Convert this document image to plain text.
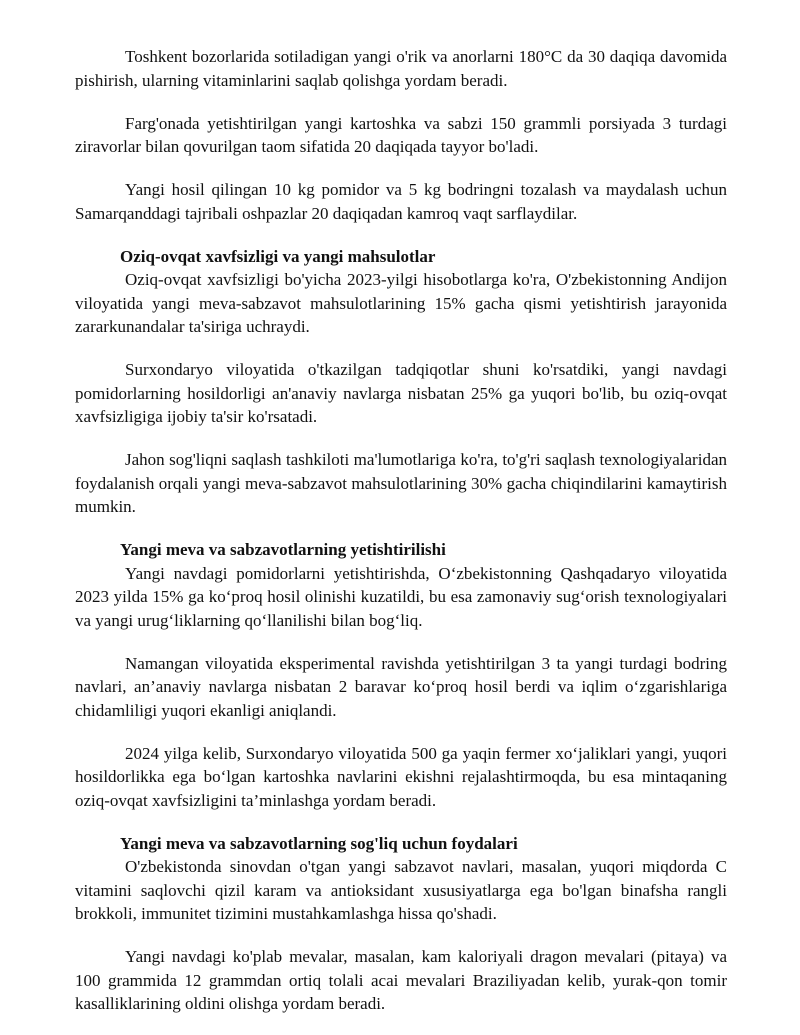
Toshkent bozorlarida sotiladigan yangi o'rik va anorlarni 180°C da 30 daqiqa davomida pishirish, ularning vitaminlarini saqlab qolishga yordam beradi.

Farg'onada yetishtirilgan yangi kartoshka va sabzi 150 grammli porsiyada 3 turdagi ziravorlar bilan qovurilgan taom sifatida 20 daqiqada tayyor bo'ladi.

Yangi hosil qilingan 10 kg pomidor va 5 kg bodringni tozalash va maydalash uchun Samarqanddagi tajribali oshpazlar 20 daqiqadan kamroq vaqt sarflaydilar.

Oziq-ovqat xavfsizligi va yangi mahsulotlar

Oziq-ovqat xavfsizligi bo'yicha 2023-yilgi hisobotlarga ko'ra, O'zbekistonning Andijon viloyatida yangi meva-sabzavot mahsulotlarining 15% gacha qismi yetishtirish jarayonida zararkunandalar ta'siriga uchraydi.

Surxondaryo viloyatida o'tkazilgan tadqiqotlar shuni ko'rsatdiki, yangi navdagi pomidorlarning hosildorligi an'anaviy navlarga nisbatan 25% ga yuqori bo'lib, bu oziq-ovqat xavfsizligiga ijobiy ta'sir ko'rsatadi.

Jahon sog'liqni saqlash tashkiloti ma'lumotlariga ko'ra, to'g'ri saqlash texnologiyalaridan foydalanish orqali yangi meva-sabzavot mahsulotlarining 30% gacha chiqindilarini kamaytirish mumkin.

Yangi meva va sabzavotlarning yetishtirilishi

Yangi navdagi pomidorlarni yetishtirishda, O‘zbekistonning Qashqadaryo viloyatida 2023 yilda 15% ga ko‘proq hosil olinishi kuzatildi, bu esa zamonaviy sug‘orish texnologiyalari va yangi urug‘liklarning qo‘llanilishi bilan bog‘liq.

Namangan viloyatida eksperimental ravishda yetishtirilgan 3 ta yangi turdagi bodring navlari, an’anaviy navlarga nisbatan 2 baravar ko‘proq hosil berdi va iqlim o‘zgarishlariga chidamliligi yuqori ekanligi aniqlandi.

2024 yilga kelib, Surxondaryo viloyatida 500 ga yaqin fermer xo‘jaliklari yangi, yuqori hosildorlikka ega bo‘lgan kartoshka navlarini ekishni rejalashtirmoqda, bu esa mintaqaning oziq-ovqat xavfsizligini ta’minlashga yordam beradi.

Yangi meva va sabzavotlarning sog'liq uchun foydalari

O'zbekistonda sinovdan o'tgan yangi sabzavot navlari, masalan, yuqori miqdorda C vitamini saqlovchi qizil karam va antioksidant xususiyatlarga ega bo'lgan binafsha rangli brokkoli, immunitet tizimini mustahkamlashga hissa qo'shadi.

Yangi navdagi ko'plab mevalar, masalan, kam kaloriyali dragon mevalari (pitaya) va 100 grammida 12 grammdan ortiq tolali acai mevalari Braziliyadan kelib, yurak-qon tomir kasalliklarining oldini olishga yordam beradi.
